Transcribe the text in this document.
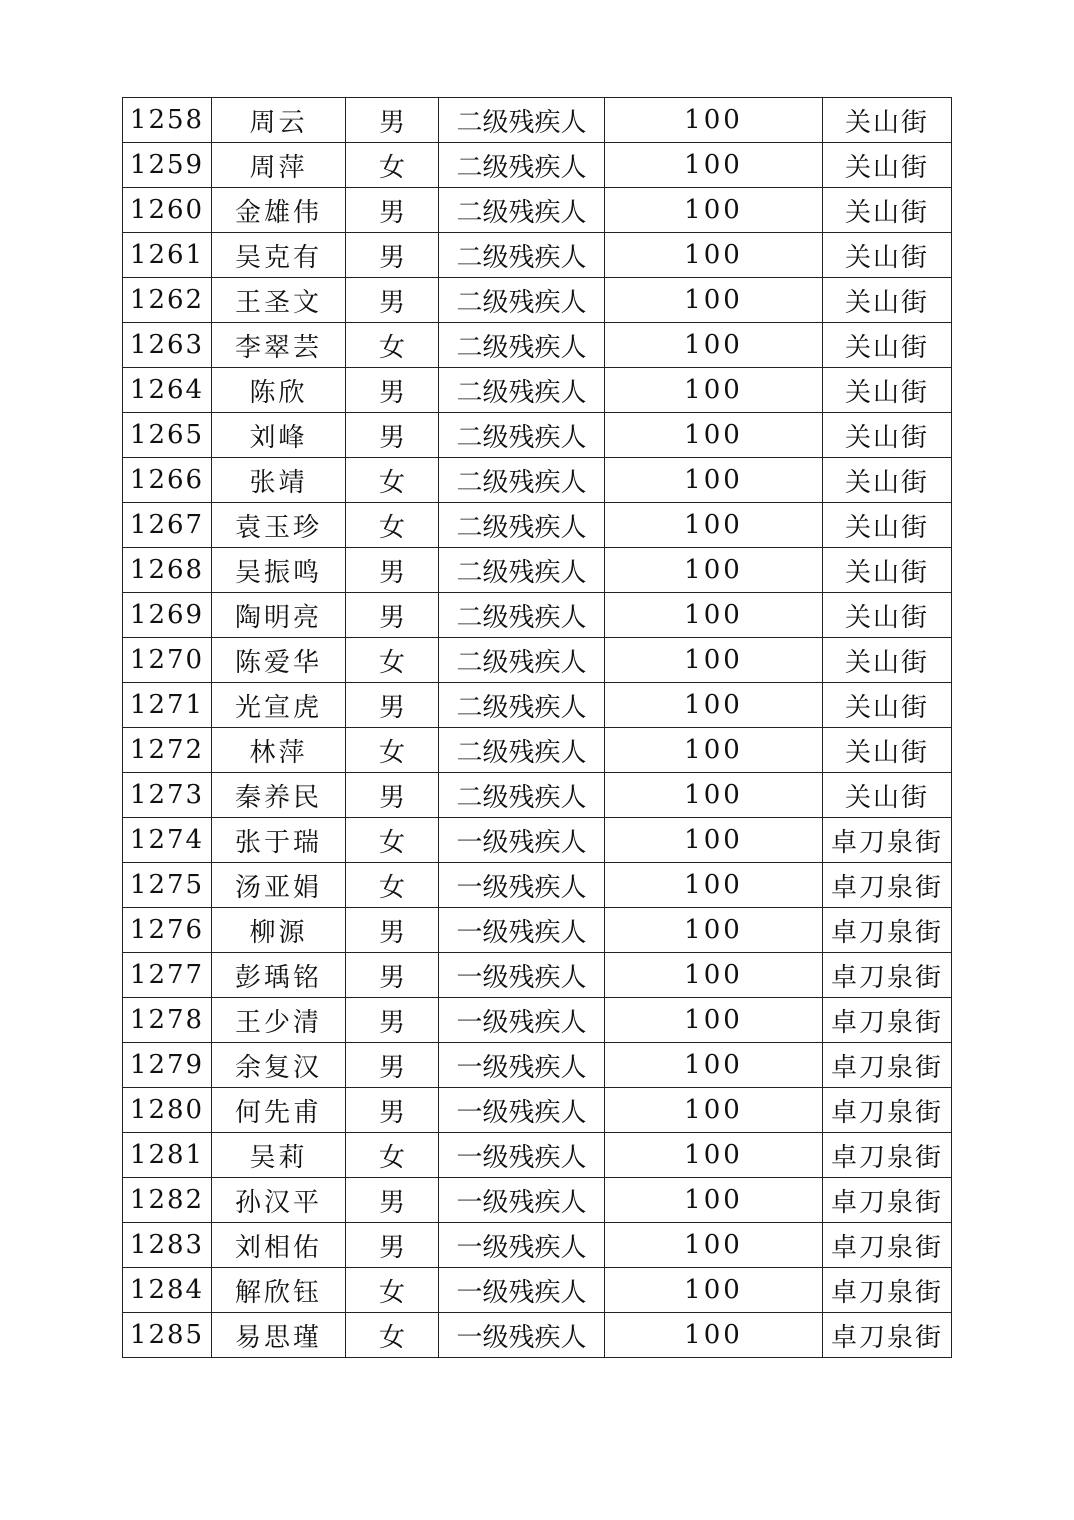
1258	周云	男	二级残疾人	100	关山街
1259	周萍	女	二级残疾人	100	关山街
1260	金雄伟	男	二级残疾人	100	关山街
1261	吴克有	男	二级残疾人	100	关山街
1262	王圣文	男	二级残疾人	100	关山街
1263	李翠芸	女	二级残疾人	100	关山街
1264	陈欣	男	二级残疾人	100	关山街
1265	刘峰	男	二级残疾人	100	关山街
1266	张靖	女	二级残疾人	100	关山街
1267	袁玉珍	女	二级残疾人	100	关山街
1268	吴振鸣	男	二级残疾人	100	关山街
1269	陶明亮	男	二级残疾人	100	关山街
1270	陈爱华	女	二级残疾人	100	关山街
1271	光宣虎	男	二级残疾人	100	关山街
1272	林萍	女	二级残疾人	100	关山街
1273	秦养民	男	二级残疾人	100	关山街
1274	张于瑞	女	一级残疾人	100	卓刀泉街
1275	汤亚娟	女	一级残疾人	100	卓刀泉街
1276	柳源	男	一级残疾人	100	卓刀泉街
1277	彭瑀铭	男	一级残疾人	100	卓刀泉街
1278	王少清	男	一级残疾人	100	卓刀泉街
1279	余复汉	男	一级残疾人	100	卓刀泉街
1280	何先甫	男	一级残疾人	100	卓刀泉街
1281	吴莉	女	一级残疾人	100	卓刀泉街
1282	孙汉平	男	一级残疾人	100	卓刀泉街
1283	刘相佑	男	一级残疾人	100	卓刀泉街
1284	解欣钰	女	一级残疾人	100	卓刀泉街
1285	易思瑾	女	一级残疾人	100	卓刀泉街
